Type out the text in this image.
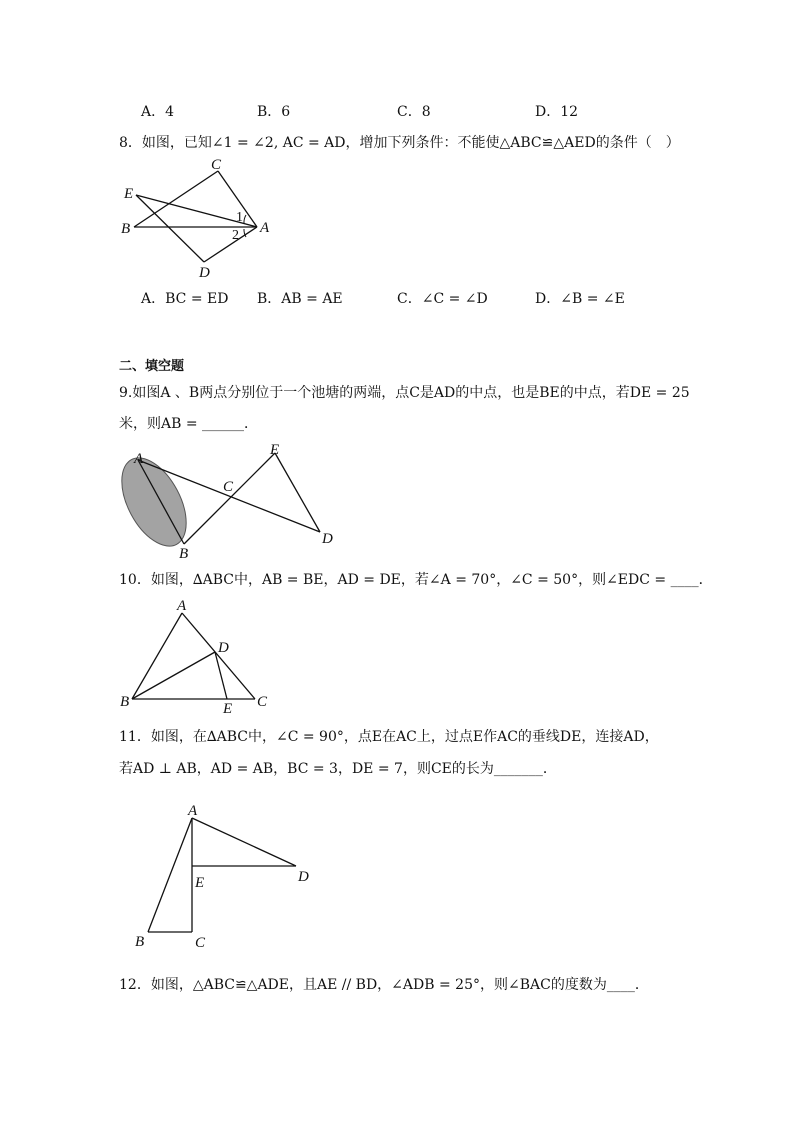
A．4	B．6	C．8	D．12
8．如图，已知∠1 = ∠2, AC = AD，增加下列条件：不能使△ABC≌△AED的条件（　）
C
E
B	A
D
1
2
A．BC = ED B．AB = AE	C．∠C = ∠D	D．∠B = ∠E
二、填空题
9.如图A 、B两点分别位于一个池塘的两端，点C是AD的中点，也是BE的中点，若DE = 25
米，则AB = ______．
A
B
C
D
E
10．如图，∆ABC中，AB = BE，AD = DE，若∠A = 70°，∠C = 50°，则∠EDC = ____．
A
B	C
D
E
11．如图，在∆ABC中，∠C = 90°，点E在AC上，过点E作AC的垂线DE，连接AD，
若AD ⊥ AB，AD = AB，BC = 3，DE = 7，则CE的长为_______．
A
B	C
D
E
12．如图，△ABC≌△ADE，且AE // BD，∠ADB = 25°，则∠BAC的度数为____．
